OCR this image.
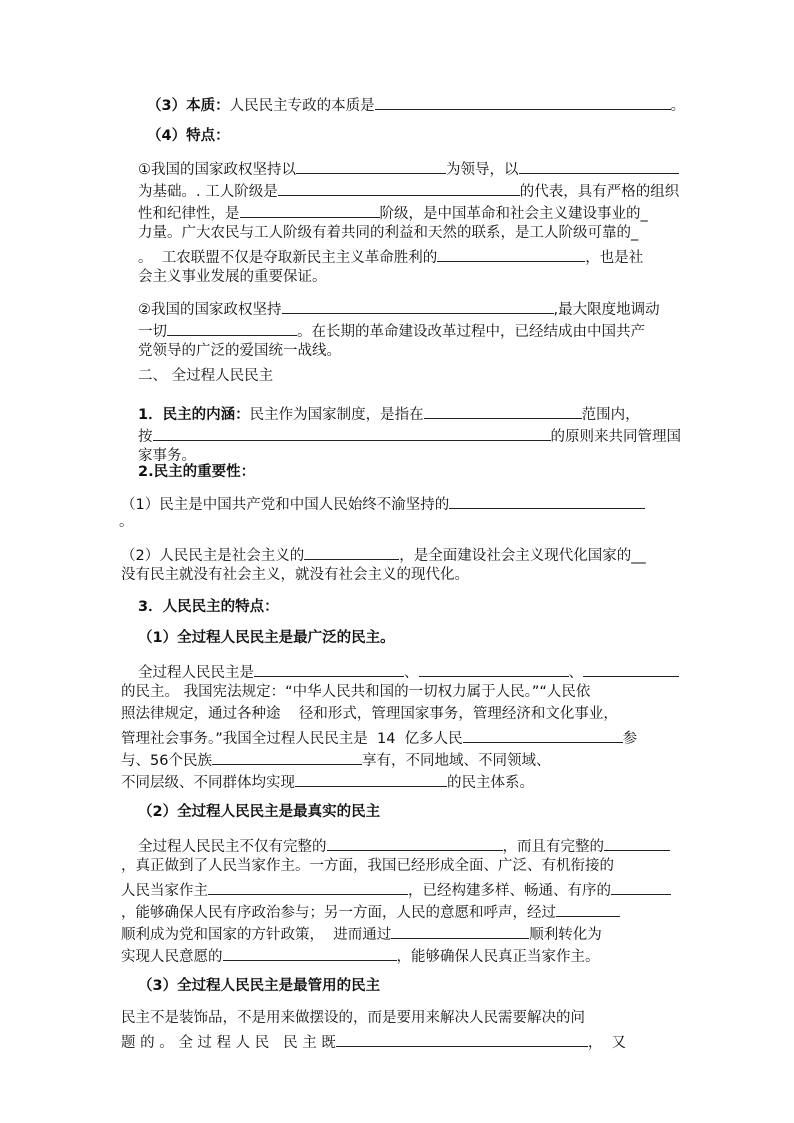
（3）本质：人民民主专政的本质是	。
（4）特点：
①我国的国家政权坚持以	为领导，以
为基础。. 工人阶级是	的代表，具有严格的组织
性和纪律性，是	阶级，是中国革命和社会主义建设事业的_
力量。广大农民与工人阶级有着共同的利益和天然的联系，是工人阶级可靠的_
。  工农联盟不仅是夺取新民主主义革命胜利的	，也是社
会主义事业发展的重要保证。
②我国的国家政权坚持	,最大限度地调动
一切	。在长期的革命建设改革过程中，已经结成由中国共产
党领导的广泛的爱国统一战线。
二、 全过程人民民主
1．民主的内涵：民主作为国家制度，是指在	范围内，
按	的原则来共同管理国
家事务。
2.民主的重要性：
（1）民主是中国共产党和中国人民始终不渝坚持的
。
（2）人民民主是社会主义的	，是全面建设社会主义现代化国家的__
没有民主就没有社会主义，就没有社会主义的现代化。
3．人民民主的特点：
（1）全过程人民民主是最广泛的民主。
全过程人民民主是	、	、
的民主。 我国宪法规定：“中华人民共和国的一切权力属于人民。”“人民依
照法律规定，通过各种途    径和形式，管理国家事务，管理经济和文化事业，
管理社会事务。”我国全过程人民民主是  14  亿多人民	参
与、56个民族	享有，不同地域、不同领域、
不同层级、不同群体均实现	的民主体系。
（2）全过程人民民主是最真实的民主
全过程人民民主不仅有完整的	，而且有完整的
，真正做到了人民当家作主。一方面，我国已经形成全面、广泛、有机衔接的
人民当家作主	，已经构建多样、畅通、有序的
，能够确保人民有序政治参与；另一方面，人民的意愿和呼声，经过
顺利成为党和国家的方针政策，  进而通过	顺利转化为
实现人民意愿的	，能够确保人民真正当家作主。
（3）全过程人民民主是最管用的民主
民主不是装饰品，不是用来做摆设的，而是要用来解决人民需要解决的问
题 的 。 全 过 程 人 民   民 主 既	，  又
